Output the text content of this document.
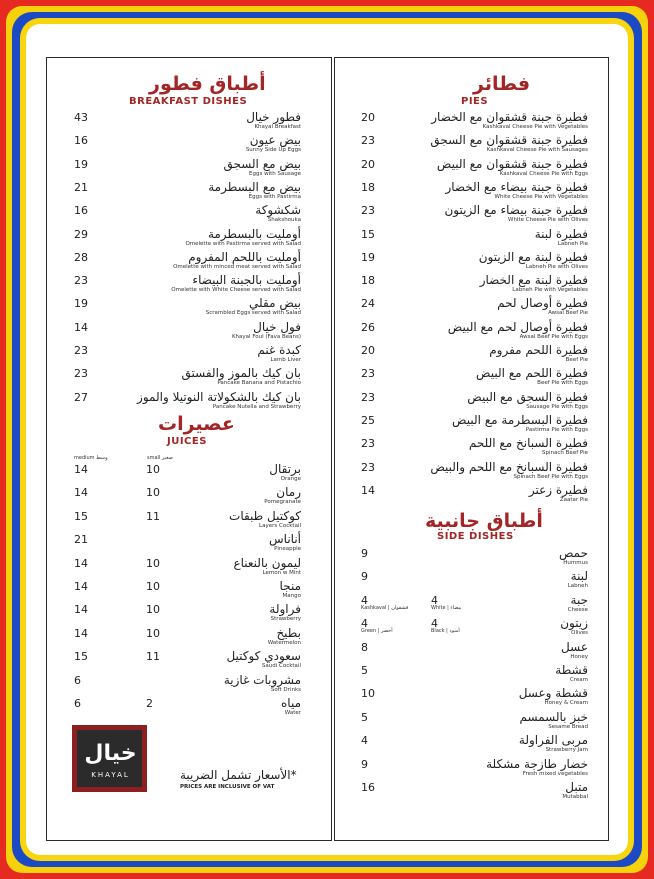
أطباق فطور
BREAKFAST DISHES
فطور خيال
Khayal Breakfast
43
بيض عيون
Sunny Side Up Eggs
16
بيض مع السجق
Eggs with Sausage
19
بيض مع البسطرمة
Eggs with Pastirma
21
شكشوكة
Shakshouka
16
أومليت بالبسطرمة
Omelette with Pastirma served with Salad
29
أومليت باللحم المفروم
Omelette with minced meat served with Salad
28
أومليت بالجبنة البيضاء
Omelette with White Cheese served with Salad
23
بيض مقلي
Scrambled Eggs served with Salad
19
فول خيال
Khayal Foul (Fava Beans)
14
كبدة غنم
Lamb Liver
23
بان كيك بالموز والفستق
Pancake Banana and Pistachio
23
بان كيك بالشكولاتة النوتيلا والموز
Pancake Nutella and Strawberry
27
عصيرات
JUICES
medium وسط	small صغير
برتقال
Orange
14	10
رمان
Pomegranate
14	10
كوكتيل طبقات
Layers Cocktail
15	11
أناناس
Pineapple
21
ليمون بالنعناع
Lemon w Mint
14	10
منجا
Mango
14	10
فراولة
Strawberry
14	10
بطيخ
Watermelon
14	10
سعودي كوكتيل
Saudi Cocktail
15	11
مشروبات غازية
Soft Drinks
6
مياه
Water
6	2
فطائر
PIES
فطيرة جبنة قشقوان مع الخضار
Kashkaval Cheese Pie with Vegetables
20
فطيرة جبنة قشقوان مع السجق
Kashkaval Cheese Pie with Sausages
23
فطيرة جبنة قشقوان مع البيض
Kashkaval Cheese Pie with Eggs
20
فطيرة جبنة بيضاء مع الخضار
White Cheese Pie with Vegetables
18
فطيرة جبنة بيضاء مع الزيتون
White Cheese Pie with Olives
23
فطيرة لبنة
Labneh Pie
15
فطيرة لبنة مع الزيتون
Labneh Pie with Olives
19
فطيرة لبنة مع الخضار
Labneh Pie with Vegetables
18
فطيرة أوصال لحم
Awsal Beef Pie
24
فطيرة أوصال لحم مع البيض
Awsal Beef Pie with Eggs
26
فطيرة اللحم مفروم
Beef Pie
20
فطيرة اللحم مع البيض
Beef Pie with Eggs
23
فطيرة السجق مع البيض
Sausage Pie with Eggs
23
فطيرة البسطرمة مع البيض
Pastirma Pie with Eggs
25
فطيرة السبانخ مع اللحم
Spinach Beef Pie
23
فطيرة السبانخ مع اللحم والبيض
Spinach Beef Pie with Eggs
23
فطيرة زعتر
Zaatar Pie
14
أطباق جانبية
SIDE DISHES
حمص
Hummus
9
لبنة
Labneh
9
جبة
Cheese
4	4
Kashkaval | قشقوان	White | بيضاء
زيتون
Olives
4	4
Green | أخضر	Black | أسود
عسل
Honey
8
قشطة
Cream
5
قشطة وعسل
Honey & Cream
10
خبز بالسمسم
Sesame Bread
5
مربى الفراولة
Strawberry Jam
4
خضار طازجة مشكلة
Fresh mixed vegetables
9
متبل
Mutabbal
16
خيال
KHAYAL	*الأسعار تشمل الضريبة
PRICES ARE INCLUSIVE OF VAT
